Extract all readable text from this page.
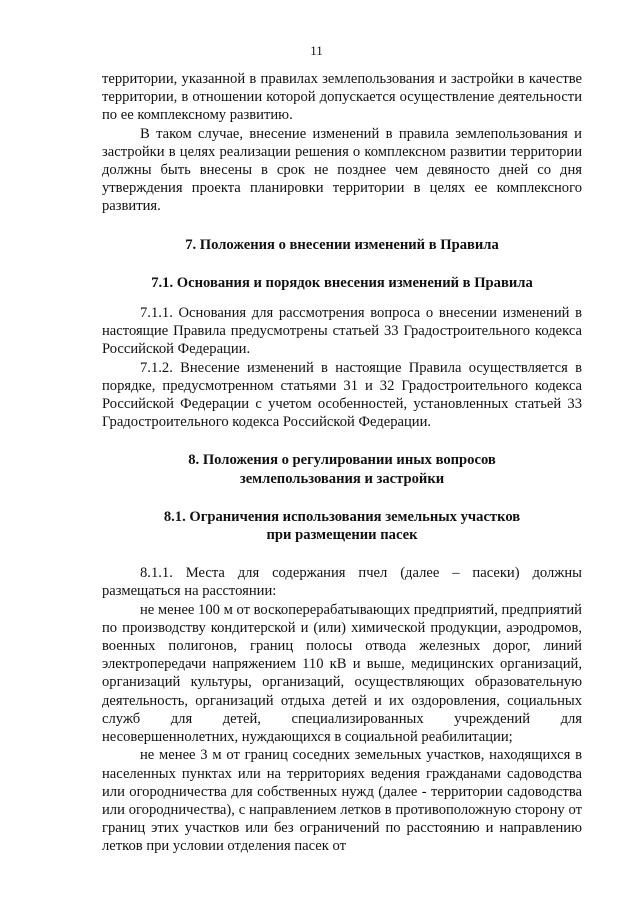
11

территории, указанной в правилах землепользования и застройки в качестве территории, в отношении которой допускается осуществление деятельности по ее комплексному развитию.

В таком случае, внесение изменений в правила землепользования и застройки в целях реализации решения о комплексном развитии территории должны быть внесены в срок не позднее чем девяносто дней со дня утверждения проекта планировки территории в целях ее комплексного развития.

7. Положения о внесении изменений в Правила

7.1. Основания и порядок внесения изменений в Правила

7.1.1. Основания для рассмотрения вопроса о внесении изменений в настоящие Правила предусмотрены статьей 33 Градостроительного кодекса Российской Федерации.

7.1.2. Внесение изменений в настоящие Правила осуществляется в порядке, предусмотренном статьями 31 и 32 Градостроительного кодекса Российской Федерации с учетом особенностей, установленных статьей 33 Градостроительного кодекса Российской Федерации.

8. Положения о регулировании иных вопросов
землепользования и застройки
8.1. Ограничения использования земельных участков
при размещении пасек

8.1.1. Места для содержания пчел (далее – пасеки) должны размещаться на расстоянии:

не менее 100 м от воскоперерабатывающих предприятий, предприятий по производству кондитерской и (или) химической продукции, аэродромов, военных полигонов, границ полосы отвода железных дорог, линий электропередачи напряжением 110 кВ и выше, медицинских организаций, организаций культуры, организаций, осуществляющих образовательную деятельность, организаций отдыха детей и их оздоровления, социальных служб для детей, специализированных учреждений для несовершеннолетних, нуждающихся в социальной реабилитации;

не менее 3 м от границ соседних земельных участков, находящихся в населенных пунктах или на территориях ведения гражданами садоводства или огородничества для собственных нужд (далее - территории садоводства или огородничества), с направлением летков в противоположную сторону от границ этих участков или без ограничений по расстоянию и направлению летков при условии отделения пасек от
